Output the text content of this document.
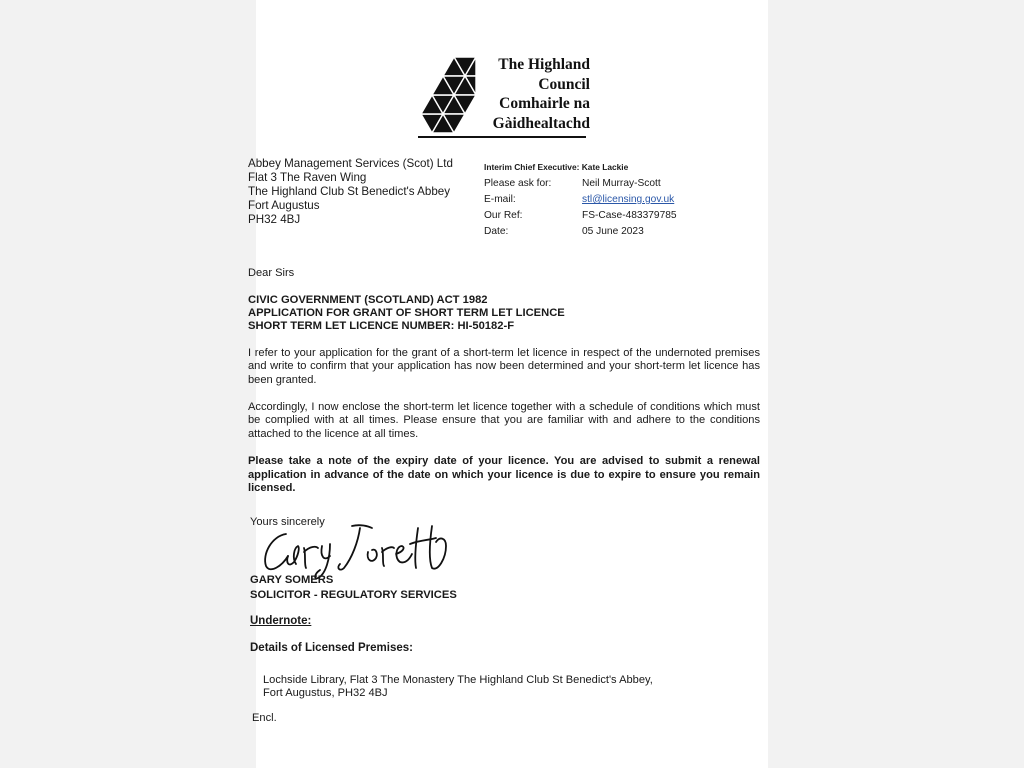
The Highland
Council
Comhairle na
Gàidhealtachd
Abbey Management Services (Scot) Ltd
Flat 3 The Raven Wing
The Highland Club St Benedict's Abbey
Fort Augustus
PH32 4BJ
Interim Chief Executive: Kate Lackie
Please ask for:	Neil Murray-Scott
E-mail:	stl@licensing.gov.uk
Our Ref:	FS-Case-483379785
Date:	05 June 2023

Dear Sirs

CIVIC GOVERNMENT (SCOTLAND) ACT 1982
APPLICATION FOR GRANT OF SHORT TERM LET LICENCE
SHORT TERM LET LICENCE NUMBER: HI-50182-F

I refer to your application for the grant of a short-term let licence in respect of the undernoted premises and write to confirm that your application has now been determined and your short-term let licence has been granted.

Accordingly, I now enclose the short-term let licence together with a schedule of conditions which must be complied with at all times. Please ensure that you are familiar with and adhere to the conditions attached to the licence at all times.

Please take a note of the expiry date of your licence. You are advised to submit a renewal application in advance of the date on which your licence is due to expire to ensure you remain licensed.

Yours sincerely
GARY SOMERS
SOLICITOR - REGULATORY SERVICES
Undernote:
Details of Licensed Premises:
Lochside Library, Flat 3 The Monastery The Highland Club St Benedict's Abbey,
Fort Augustus, PH32 4BJ
Encl.
